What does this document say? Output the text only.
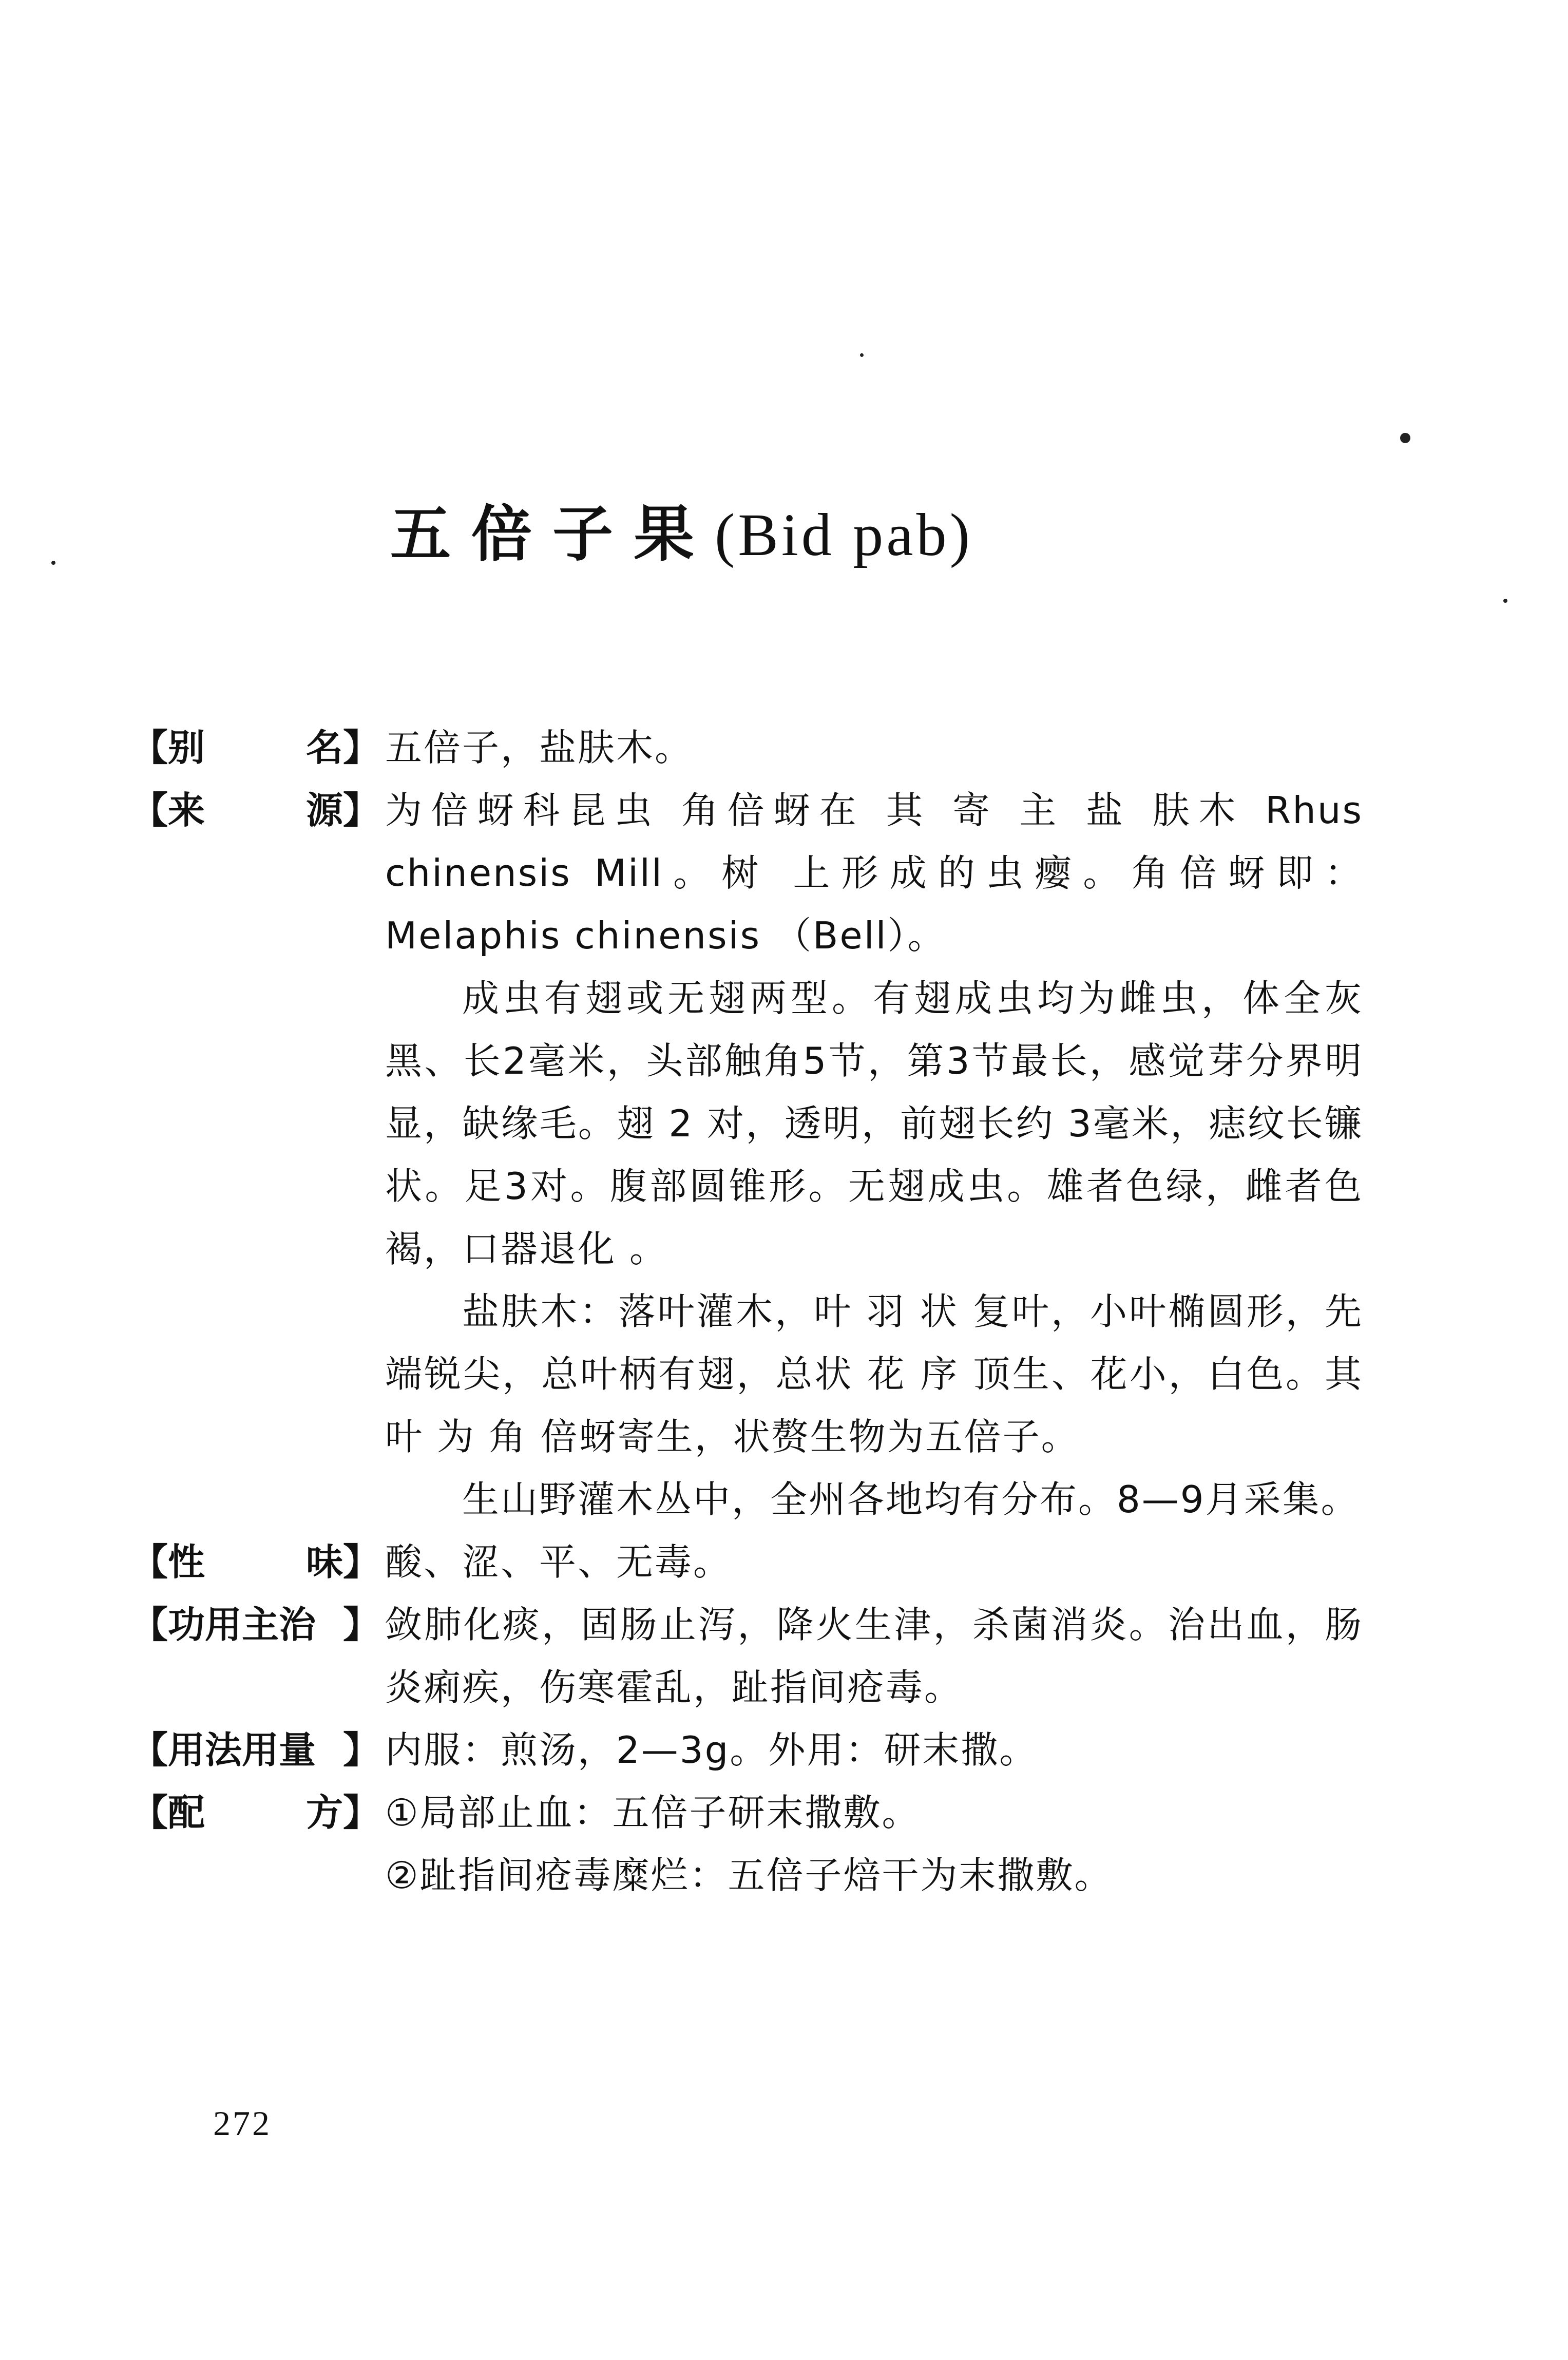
五倍子果(Bid pab)
【 别	名 】 五倍子，盐肤木。

【 来	源 】 为倍蚜科昆虫 角倍蚜在 其 寄 主 盐 肤木 Rhus chinensis Mill。树 上形成的虫瘿。角倍蚜即： Melaphis chinensis （Bell）。

成虫有翅或无翅两型。有翅成虫均为雌虫，体全灰黑、长2毫米，头部触角5节，第3节最长，感觉芽分界明显，缺缘毛。翅 2 对，透明，前翅长约 3毫米，痣纹长镰状。足3对。腹部圆锥形。无翅成虫。雄者色绿，雌者色褐，口器退化 。

盐肤木：落叶灌木，叶 羽 状 复叶，小叶椭圆形，先端锐尖，总叶柄有翅，总状 花 序 顶生、花小，白色。其叶 为 角 倍蚜寄生，状赘生物为五倍子。

生山野灌木丛中，全州各地均有分布。8—9月采集。

【 性	味 】 酸、涩、平、无毒。

【 功用主治 】 敛肺化痰，固肠止泻，降火生津，杀菌消炎。治出血，肠炎痢疾，伤寒霍乱，趾指间疮毒。

【 用法用量 】 内服：煎汤，2—3g。外用：研末撒。

【 配	方 】 ①局部止血：五倍子研末撒敷。

②趾指间疮毒糜烂：五倍子焙干为末撒敷。

272
